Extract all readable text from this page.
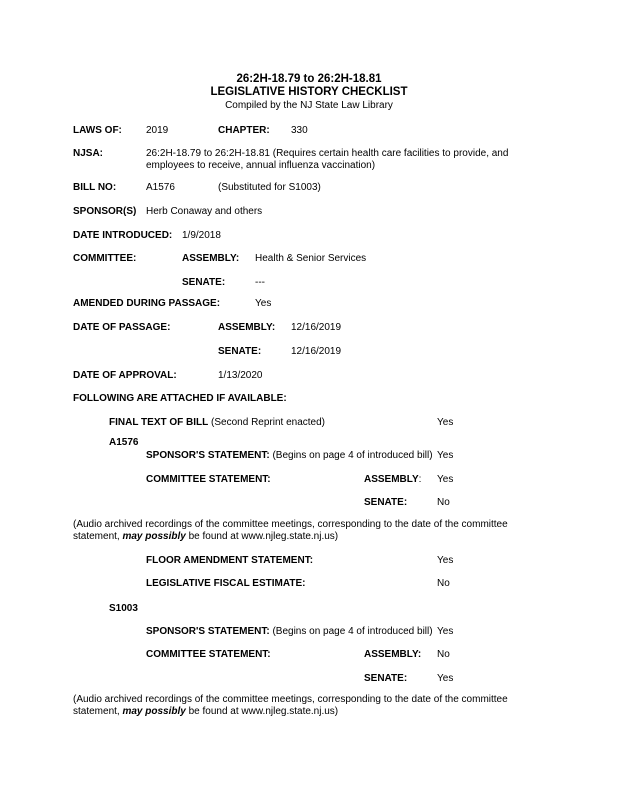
26:2H-18.79 to 26:2H-18.81
LEGISLATIVE HISTORY CHECKLIST
Compiled by the NJ State Law Library
LAWS OF: 2019	CHAPTER: 330
NJSA:	26:2H-18.79 to 26:2H-18.81 (Requires certain health care facilities to provide, and
employees to receive, annual influenza vaccination)
BILL NO:	A1576	(Substituted for S1003)
SPONSOR(S) Herb Conaway and others
DATE INTRODUCED: 1/9/2018
COMMITTEE:	ASSEMBLY: Health & Senior Services
SENATE:	---
AMENDED DURING PASSAGE:	Yes
DATE OF PASSAGE:	ASSEMBLY: 12/16/2019
SENATE:	12/16/2019
DATE OF APPROVAL:	1/13/2020
FOLLOWING ARE ATTACHED IF AVAILABLE:
FINAL TEXT OF BILL (Second Reprint enacted)	Yes
A1576
SPONSOR'S STATEMENT: (Begins on page 4 of introduced bill) Yes
COMMITTEE STATEMENT:	ASSEMBLY: Yes
SENATE:	No
(Audio archived recordings of the committee meetings, corresponding to the date of the committee
statement, may possibly be found at www.njleg.state.nj.us)
FLOOR AMENDMENT STATEMENT:	Yes
LEGISLATIVE FISCAL ESTIMATE:	No
S1003
SPONSOR'S STATEMENT: (Begins on page 4 of introduced bill) Yes
COMMITTEE STATEMENT:	ASSEMBLY: No
SENATE:	Yes
(Audio archived recordings of the committee meetings, corresponding to the date of the committee
statement, may possibly be found at www.njleg.state.nj.us)
